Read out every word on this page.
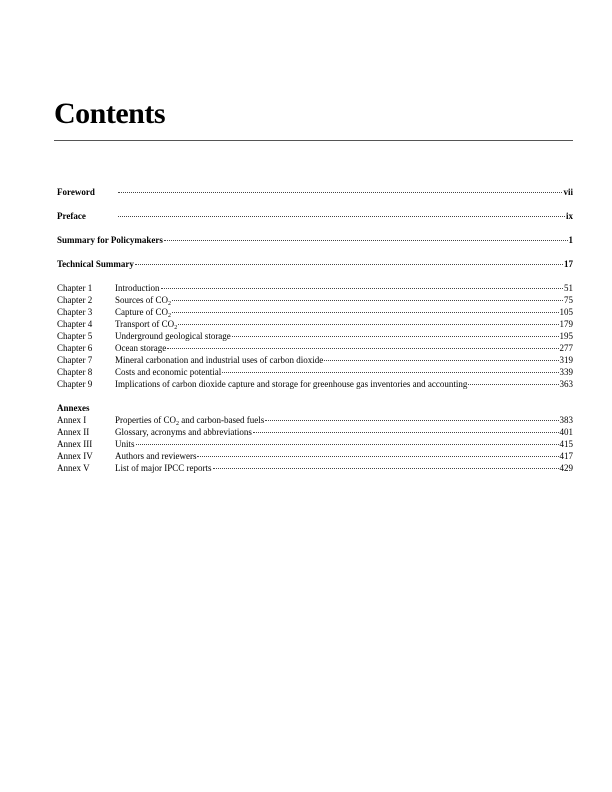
Contents
Foreword	vii
Preface	ix
Summary for Policymakers	1
Technical Summary	17
Chapter 1	Introduction	51
Chapter 2	Sources of $CO_2$	75
Chapter 3	Capture of $CO_2$	105
Chapter 4	Transport of $CO_2$	179
Chapter 5	Underground geological storage	195
Chapter 6	Ocean storage	277
Chapter 7	Mineral carbonation and industrial uses of carbon dioxide	319
Chapter 8	Costs and economic potential	339
Chapter 9	Implications of carbon dioxide capture and storage for greenhouse gas inventories and accounting	363
Annexes
Annex I	Properties of $CO_2$ and carbon-based fuels	383
Annex II	Glossary, acronyms and abbreviations	401
Annex III	Units	415
Annex IV	Authors and reviewers	417
Annex V	List of major IPCC reports	429
